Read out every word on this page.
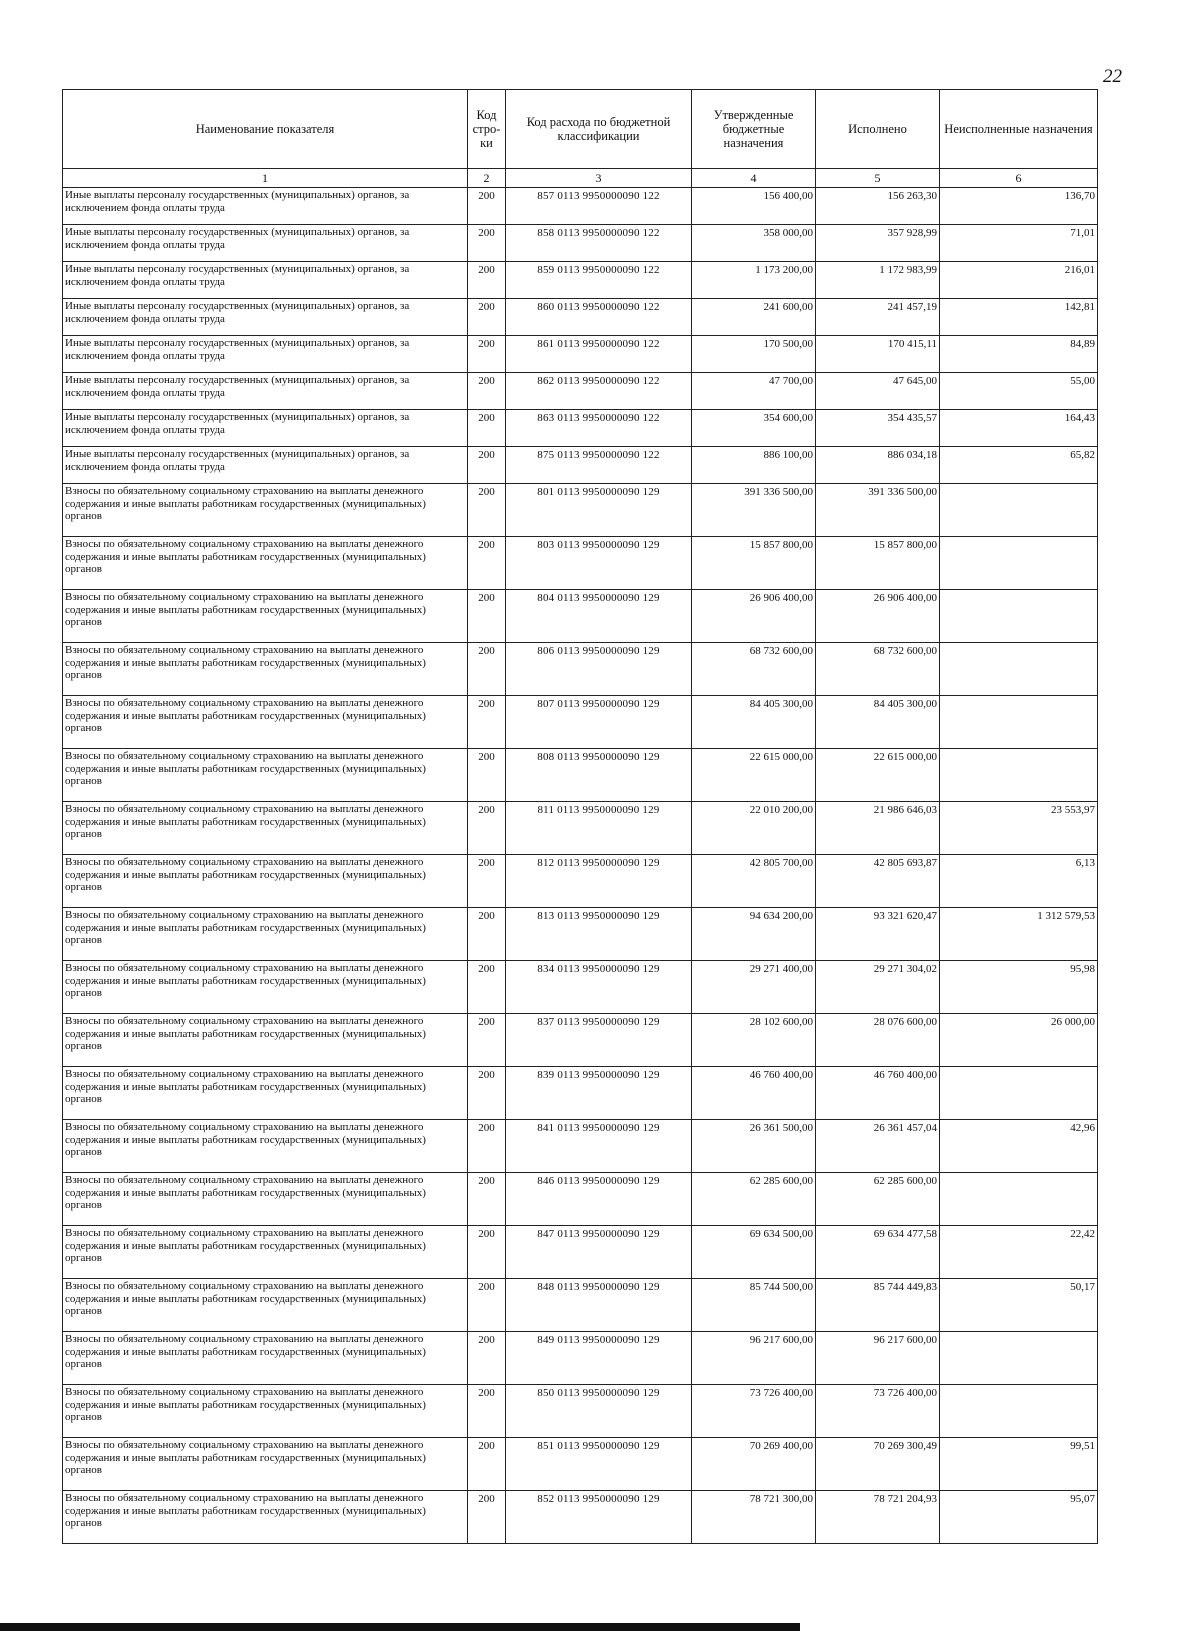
22
Наименование показателя	Код стро-ки	Код расхода по бюджетной классификации	Утвержденные бюджетные назначения	Исполнено	Неисполненные назначения
1	2	3	4	5	6
Иные выплаты персоналу государственных (муниципальных) органов, за исключением фонда оплаты труда	200	857 0113 9950000090 122	156 400,00	156 263,30	136,70
Иные выплаты персоналу государственных (муниципальных) органов, за исключением фонда оплаты труда	200	858 0113 9950000090 122	358 000,00	357 928,99	71,01
Иные выплаты персоналу государственных (муниципальных) органов, за исключением фонда оплаты труда	200	859 0113 9950000090 122	1 173 200,00	1 172 983,99	216,01
Иные выплаты персоналу государственных (муниципальных) органов, за исключением фонда оплаты труда	200	860 0113 9950000090 122	241 600,00	241 457,19	142,81
Иные выплаты персоналу государственных (муниципальных) органов, за исключением фонда оплаты труда	200	861 0113 9950000090 122	170 500,00	170 415,11	84,89
Иные выплаты персоналу государственных (муниципальных) органов, за исключением фонда оплаты труда	200	862 0113 9950000090 122	47 700,00	47 645,00	55,00
Иные выплаты персоналу государственных (муниципальных) органов, за исключением фонда оплаты труда	200	863 0113 9950000090 122	354 600,00	354 435,57	164,43
Иные выплаты персоналу государственных (муниципальных) органов, за исключением фонда оплаты труда	200	875 0113 9950000090 122	886 100,00	886 034,18	65,82
Взносы по обязательному социальному страхованию на выплаты денежного содержания и иные выплаты работникам государственных (муниципальных) органов	200	801 0113 9950000090 129	391 336 500,00	391 336 500,00	
Взносы по обязательному социальному страхованию на выплаты денежного содержания и иные выплаты работникам государственных (муниципальных) органов	200	803 0113 9950000090 129	15 857 800,00	15 857 800,00	
Взносы по обязательному социальному страхованию на выплаты денежного содержания и иные выплаты работникам государственных (муниципальных) органов	200	804 0113 9950000090 129	26 906 400,00	26 906 400,00	
Взносы по обязательному социальному страхованию на выплаты денежного содержания и иные выплаты работникам государственных (муниципальных) органов	200	806 0113 9950000090 129	68 732 600,00	68 732 600,00	
Взносы по обязательному социальному страхованию на выплаты денежного содержания и иные выплаты работникам государственных (муниципальных) органов	200	807 0113 9950000090 129	84 405 300,00	84 405 300,00	
Взносы по обязательному социальному страхованию на выплаты денежного содержания и иные выплаты работникам государственных (муниципальных) органов	200	808 0113 9950000090 129	22 615 000,00	22 615 000,00	
Взносы по обязательному социальному страхованию на выплаты денежного содержания и иные выплаты работникам государственных (муниципальных) органов	200	811 0113 9950000090 129	22 010 200,00	21 986 646,03	23 553,97
Взносы по обязательному социальному страхованию на выплаты денежного содержания и иные выплаты работникам государственных (муниципальных) органов	200	812 0113 9950000090 129	42 805 700,00	42 805 693,87	6,13
Взносы по обязательному социальному страхованию на выплаты денежного содержания и иные выплаты работникам государственных (муниципальных) органов	200	813 0113 9950000090 129	94 634 200,00	93 321 620,47	1 312 579,53
Взносы по обязательному социальному страхованию на выплаты денежного содержания и иные выплаты работникам государственных (муниципальных) органов	200	834 0113 9950000090 129	29 271 400,00	29 271 304,02	95,98
Взносы по обязательному социальному страхованию на выплаты денежного содержания и иные выплаты работникам государственных (муниципальных) органов	200	837 0113 9950000090 129	28 102 600,00	28 076 600,00	26 000,00
Взносы по обязательному социальному страхованию на выплаты денежного содержания и иные выплаты работникам государственных (муниципальных) органов	200	839 0113 9950000090 129	46 760 400,00	46 760 400,00	
Взносы по обязательному социальному страхованию на выплаты денежного содержания и иные выплаты работникам государственных (муниципальных) органов	200	841 0113 9950000090 129	26 361 500,00	26 361 457,04	42,96
Взносы по обязательному социальному страхованию на выплаты денежного содержания и иные выплаты работникам государственных (муниципальных) органов	200	846 0113 9950000090 129	62 285 600,00	62 285 600,00	
Взносы по обязательному социальному страхованию на выплаты денежного содержания и иные выплаты работникам государственных (муниципальных) органов	200	847 0113 9950000090 129	69 634 500,00	69 634 477,58	22,42
Взносы по обязательному социальному страхованию на выплаты денежного содержания и иные выплаты работникам государственных (муниципальных) органов	200	848 0113 9950000090 129	85 744 500,00	85 744 449,83	50,17
Взносы по обязательному социальному страхованию на выплаты денежного содержания и иные выплаты работникам государственных (муниципальных) органов	200	849 0113 9950000090 129	96 217 600,00	96 217 600,00	
Взносы по обязательному социальному страхованию на выплаты денежного содержания и иные выплаты работникам государственных (муниципальных) органов	200	850 0113 9950000090 129	73 726 400,00	73 726 400,00	
Взносы по обязательному социальному страхованию на выплаты денежного содержания и иные выплаты работникам государственных (муниципальных) органов	200	851 0113 9950000090 129	70 269 400,00	70 269 300,49	99,51
Взносы по обязательному социальному страхованию на выплаты денежного содержания и иные выплаты работникам государственных (муниципальных) органов	200	852 0113 9950000090 129	78 721 300,00	78 721 204,93	95,07
